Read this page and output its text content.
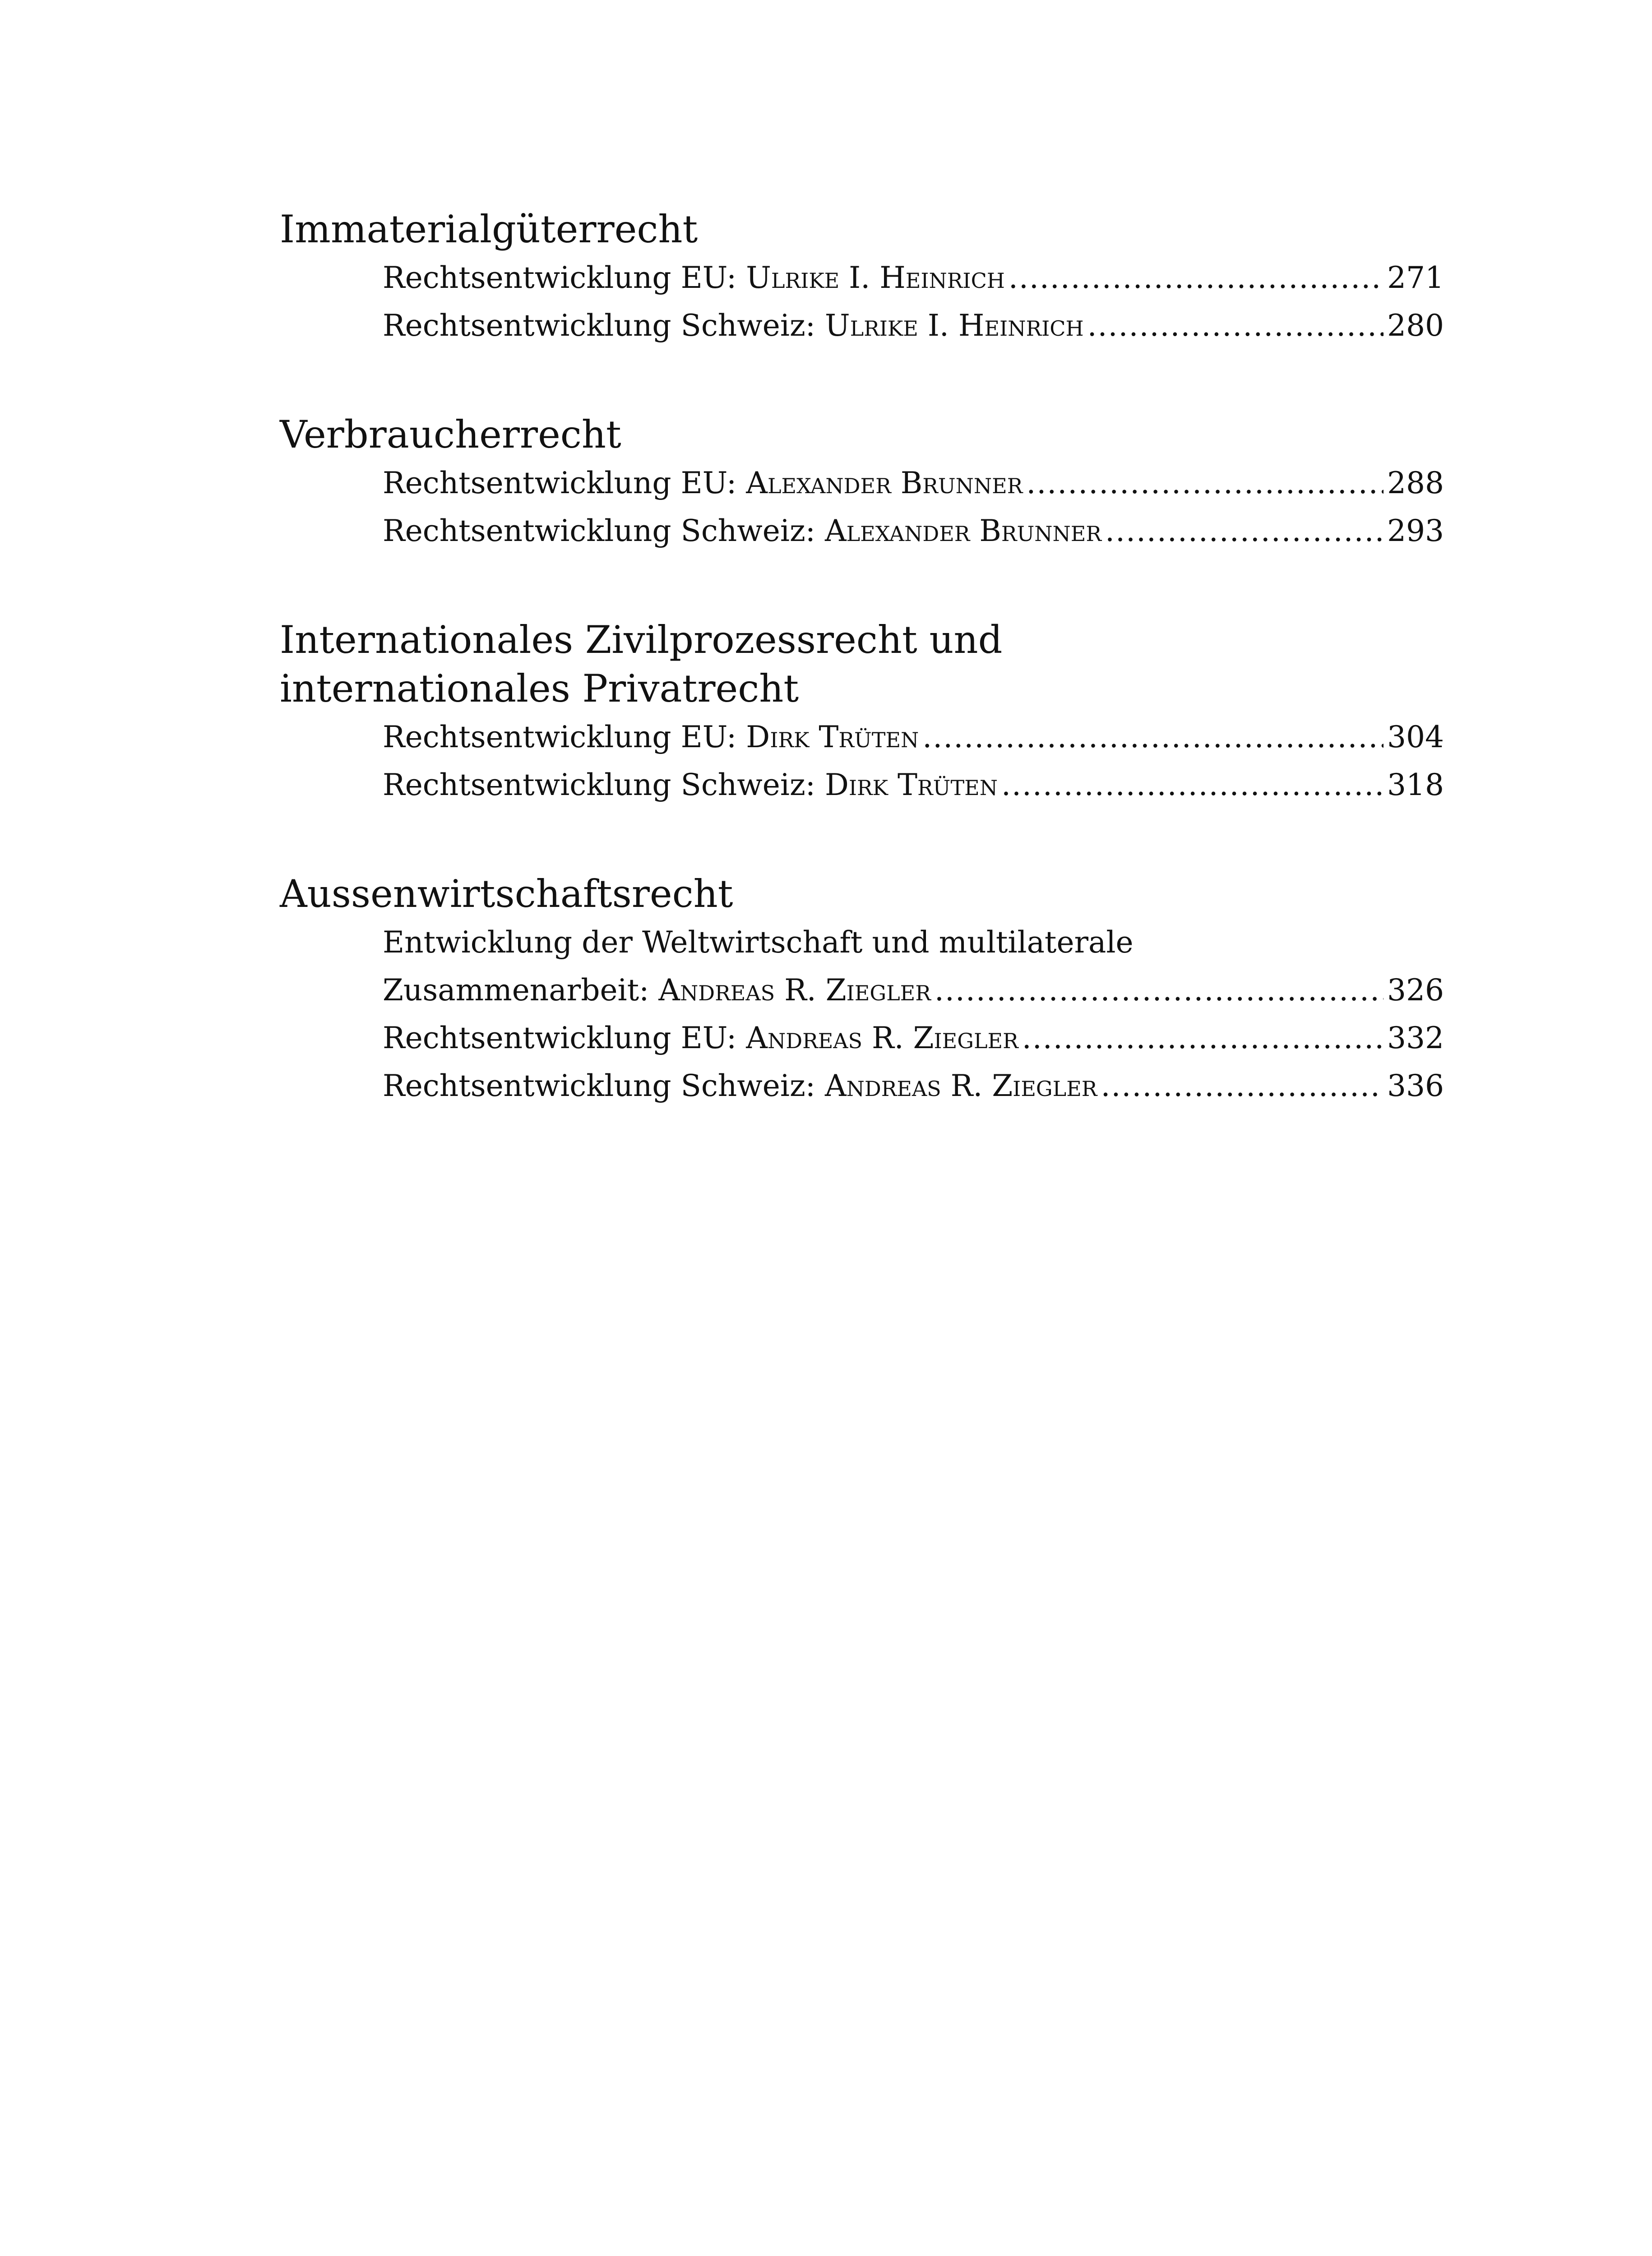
Immaterialgüterrecht
Rechtsentwicklung EU: Ulrike I. Heinrich .....	271
Rechtsentwicklung Schweiz: Ulrike I. Heinrich .....	280
Verbraucherrecht
Rechtsentwicklung EU: Alexander Brunner .....	288
Rechtsentwicklung Schweiz: Alexander Brunner .....	293
Internationales Zivilprozessrecht und
internationales Privatrecht
Rechtsentwicklung EU: Dirk Trüten .....	304
Rechtsentwicklung Schweiz: Dirk Trüten .....	318
Aussenwirtschaftsrecht
Entwicklung der Weltwirtschaft und multilaterale
Zusammenarbeit: Andreas R. Ziegler .....	326
Rechtsentwicklung EU: Andreas R. Ziegler .....	332
Rechtsentwicklung Schweiz: Andreas R. Ziegler .....	336
